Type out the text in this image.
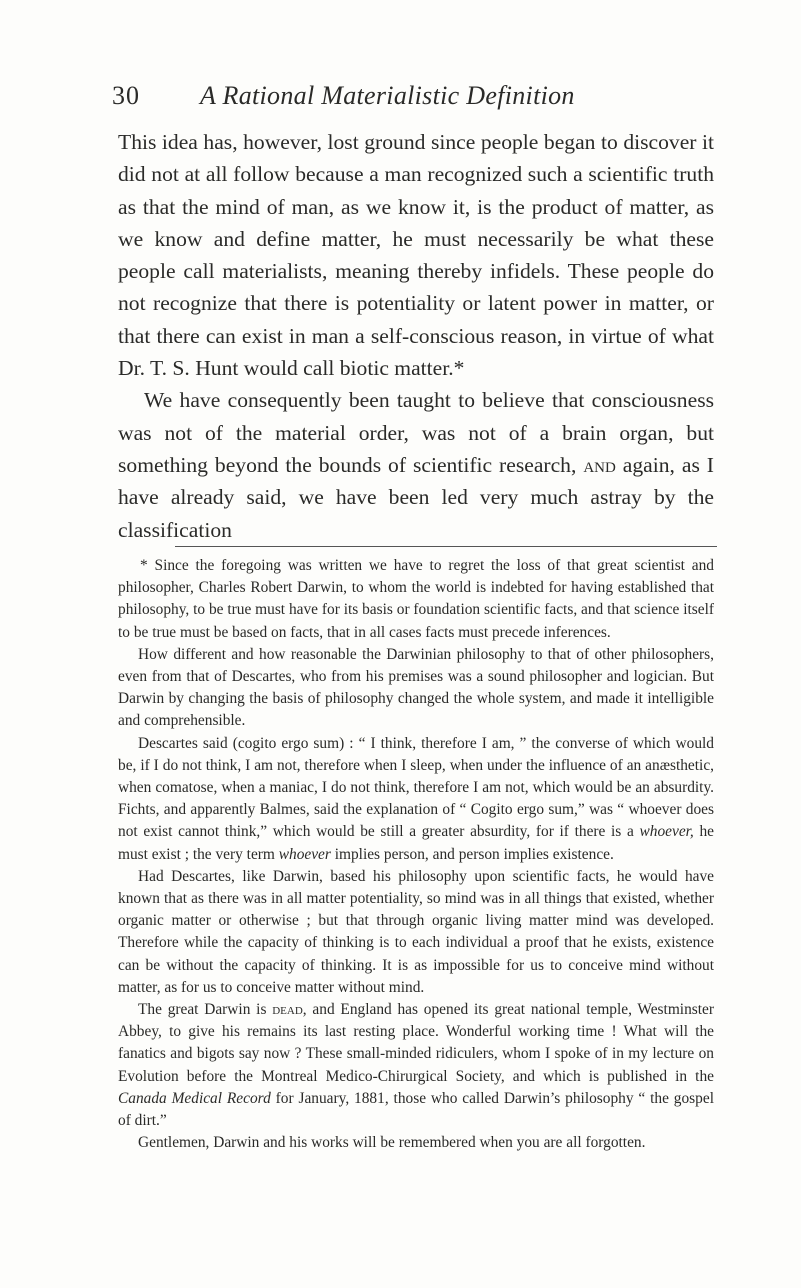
30 A Rational Materialistic Definition

This idea has, however, lost ground since people began to discover it did not at all follow because a man recognized such a scientific truth as that the mind of man, as we know it, is the product of matter, as we know and define matter, he must necessarily be what these people call materialists, meaning thereby infidels. These people do not recognize that there is potentiality or latent power in matter, or that there can exist in man a self-conscious reason, in virtue of what Dr. T. S. Hunt would call biotic matter.*

We have consequently been taught to believe that consciousness was not of the material order, was not of a brain organ, but something beyond the bounds of scientific research, and again, as I have already said, we have been led very much astray by the classification

* Since the foregoing was written we have to regret the loss of that great scientist and philosopher, Charles Robert Darwin, to whom the world is indebted for having established that philosophy, to be true must have for its basis or foundation scientific facts, and that science itself to be true must be based on facts, that in all cases facts must precede inferences.

How different and how reasonable the Darwinian philosophy to that of other philosophers, even from that of Descartes, who from his premises was a sound philosopher and logician. But Darwin by changing the basis of philosophy changed the whole system, and made it intelligible and comprehensible.

Descartes said (cogito ergo sum) : “ I think, therefore I am, ” the converse of which would be, if I do not think, I am not, therefore when I sleep, when under the influence of an anæsthetic, when comatose, when a maniac, I do not think, therefore I am not, which would be an absurdity. Fichts, and apparently Balmes, said the explanation of “ Cogito ergo sum,” was “ whoever does not exist cannot think,” which would be still a greater absurdity, for if there is a whoever, he must exist ; the very term whoever implies person, and person implies existence.

Had Descartes, like Darwin, based his philosophy upon scientific facts, he would have known that as there was in all matter potentiality, so mind was in all things that existed, whether organic matter or otherwise ; but that through organic living matter mind was developed. Therefore while the capacity of thinking is to each individual a proof that he exists, existence can be without the capacity of thinking. It is as impossible for us to conceive mind without matter, as for us to conceive matter without mind.

The great Darwin is dead, and England has opened its great national temple, Westminster Abbey, to give his remains its last resting place. Wonderful working time ! What will the fanatics and bigots say now ? These small-minded ridiculers, whom I spoke of in my lecture on Evolution before the Montreal Medico-Chirurgical Society, and which is published in the Canada Medical Record for January, 1881, those who called Darwin’s philosophy “ the gospel of dirt.”

Gentlemen, Darwin and his works will be remembered when you are all forgotten.
